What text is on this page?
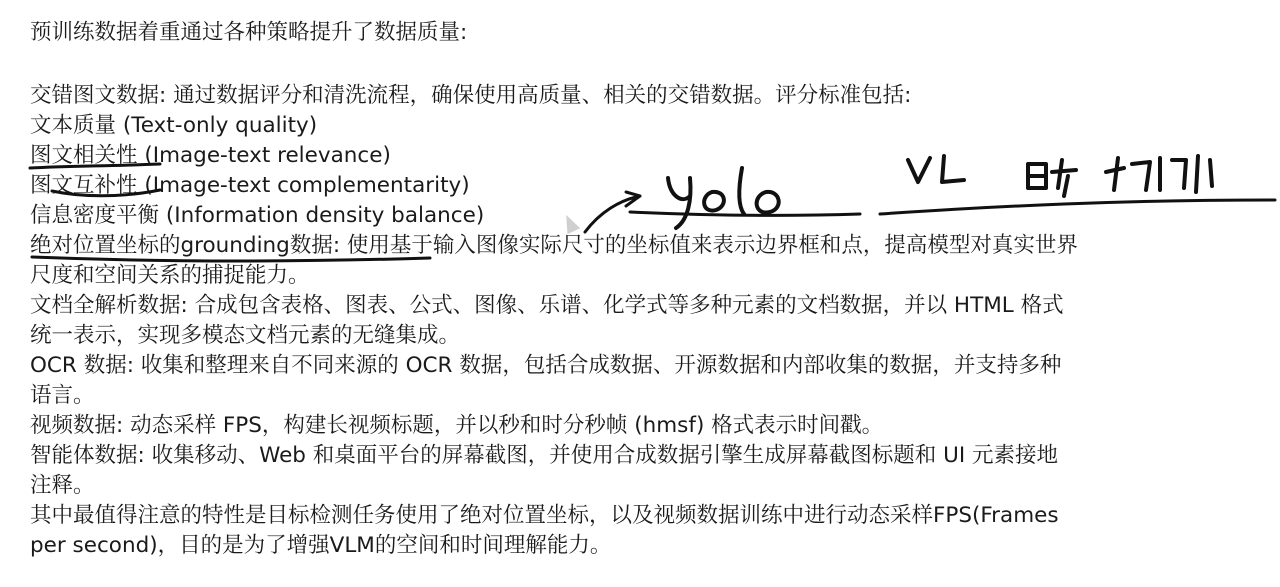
预训练数据着重通过各种策略提升了数据质量:
交错图文数据: 通过数据评分和清洗流程，确保使用高质量、相关的交错数据。评分标准包括:
文本质量 (Text-only quality)
图文相关性 (Image-text relevance)
图文互补性 (Image-text complementarity)
信息密度平衡 (Information density balance)
绝对位置坐标的grounding数据: 使用基于输入图像实际尺寸的坐标值来表示边界框和点，提高模型对真实世界
尺度和空间关系的捕捉能力。
文档全解析数据: 合成包含表格、图表、公式、图像、乐谱、化学式等多种元素的文档数据，并以 HTML 格式
统一表示，实现多模态文档元素的无缝集成。
OCR 数据: 收集和整理来自不同来源的 OCR 数据，包括合成数据、开源数据和内部收集的数据，并支持多种
语言。
视频数据: 动态采样 FPS，构建长视频标题，并以秒和时分秒帧 (hmsf) 格式表示时间戳。
智能体数据: 收集移动、Web 和桌面平台的屏幕截图，并使用合成数据引擎生成屏幕截图标题和 UI 元素接地
注释。
其中最值得注意的特性是目标检测任务使用了绝对位置坐标，以及视频数据训练中进行动态采样FPS(Frames
per second)，目的是为了增强VLM的空间和时间理解能力。
